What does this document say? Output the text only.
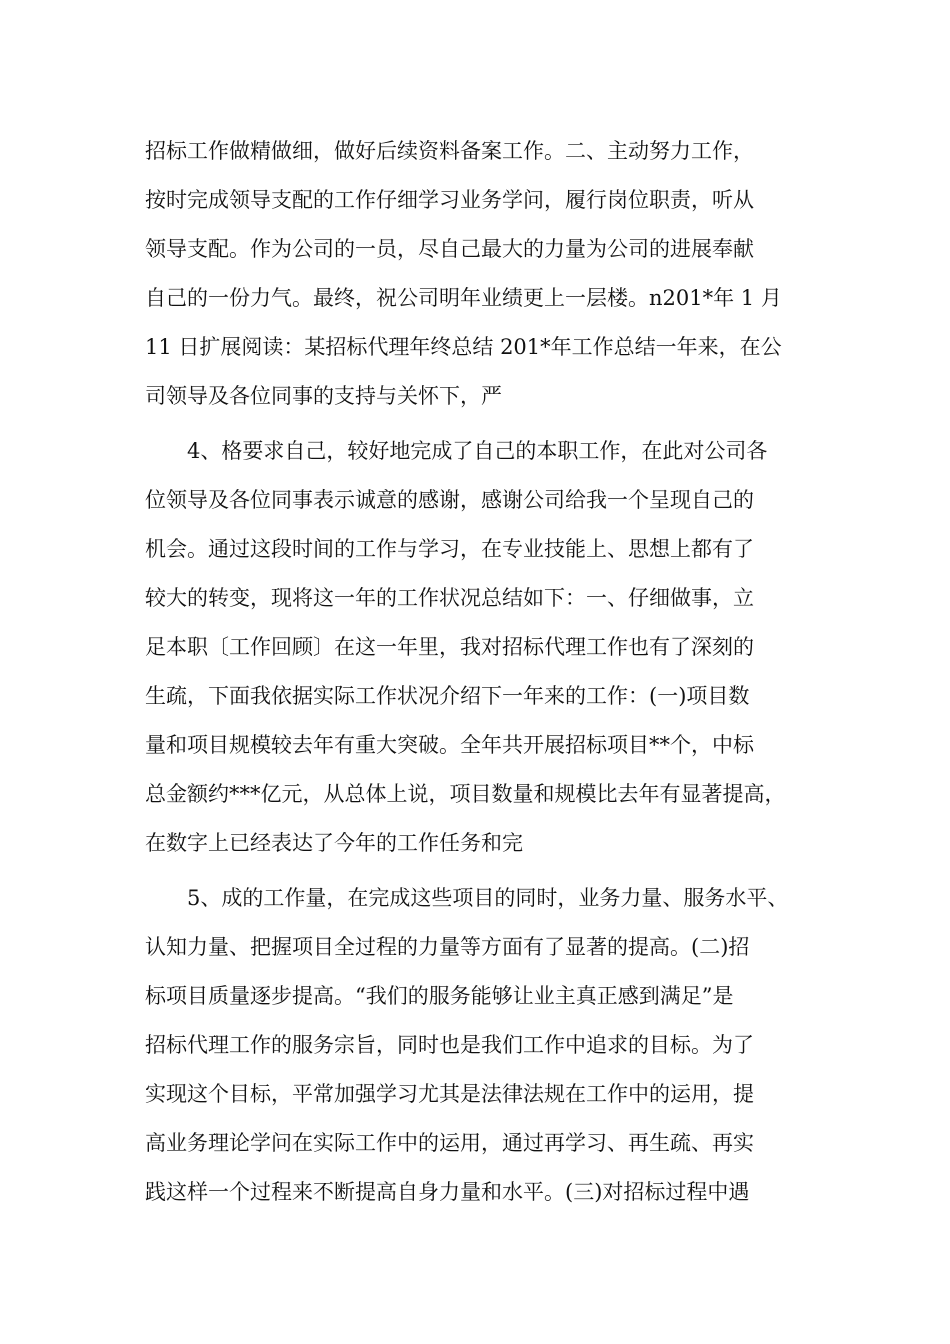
招标工作做精做细，做好后续资料备案工作。二、主动努力工作，
按时完成领导支配的工作仔细学习业务学问，履行岗位职责，听从
领导支配。作为公司的一员，尽自己最大的力量为公司的进展奉献
自己的一份力气。最终，祝公司明年业绩更上一层楼。n201*年 1 月
11 日扩展阅读：某招标代理年终总结 201*年工作总结一年来，在公
司领导及各位同事的支持与关怀下，严
4、格要求自己，较好地完成了自己的本职工作，在此对公司各
位领导及各位同事表示诚意的感谢，感谢公司给我一个呈现自己的
机会。通过这段时间的工作与学习，在专业技能上、思想上都有了
较大的转变，现将这一年的工作状况总结如下：一、仔细做事，立
足本职〔工作回顾〕在这一年里，我对招标代理工作也有了深刻的
生疏，下面我依据实际工作状况介绍下一年来的工作：(一)项目数
量和项目规模较去年有重大突破。全年共开展招标项目**个，中标
总金额约***亿元，从总体上说，项目数量和规模比去年有显著提高，
在数字上已经表达了今年的工作任务和完
5、成的工作量，在完成这些项目的同时，业务力量、服务水平、
认知力量、把握项目全过程的力量等方面有了显著的提高。(二)招
标项目质量逐步提高。“我们的服务能够让业主真正感到满足”是
招标代理工作的服务宗旨，同时也是我们工作中追求的目标。为了
实现这个目标，平常加强学习尤其是法律法规在工作中的运用，提
高业务理论学问在实际工作中的运用，通过再学习、再生疏、再实
践这样一个过程来不断提高自身力量和水平。(三)对招标过程中遇
